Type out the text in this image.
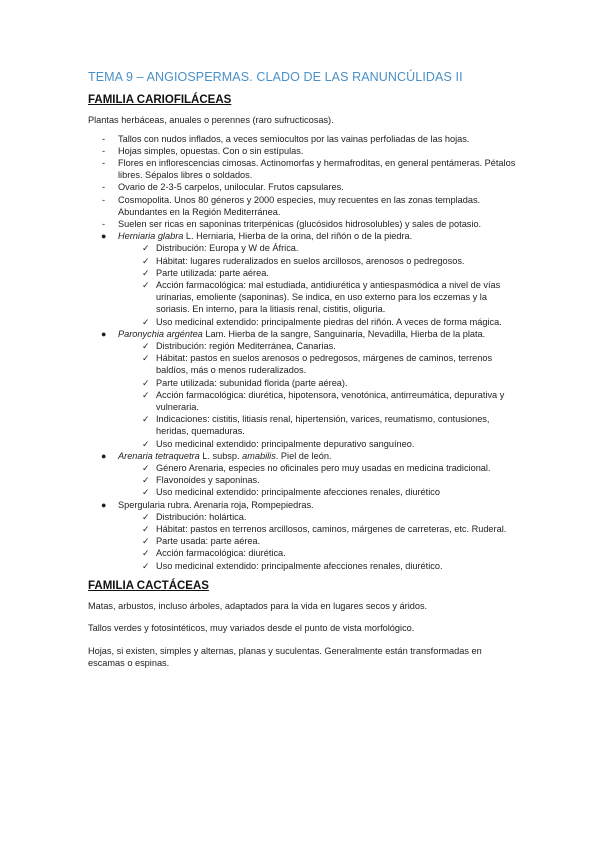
TEMA 9 – ANGIOSPERMAS. CLADO DE LAS RANUNCÚLIDAS II
FAMILIA CARIOFILÁCEAS

Plantas herbáceas, anuales o perennes (raro sufructicosas).

- Tallos con nudos inflados, a veces semiocultos por las vainas perfoliadas de las hojas.
- Hojas simples, opuestas. Con o sin estípulas.
- Flores en inflorescencias cimosas. Actinomorfas y hermafroditas, en general pentámeras. Pétalos libres. Sépalos libres o soldados.
- Ovario de 2-3-5 carpelos, unilocular. Frutos capsulares.
- Cosmopolita. Unos 80 géneros y 2000 especies, muy recuentes en las zonas templadas. Abundantes en la Región Mediterránea.
- Suelen ser ricas en saponinas triterpénicas (glucósidos hidrosolubles) y sales de potasio.
● Herniaria glabra L. Herniaria, Hierba de la orina, del riñón o de la piedra.
✓ Distribución: Europa y W de África.
✓ Hábitat: lugares ruderalizados en suelos arcillosos, arenosos o pedregosos.
✓ Parte utilizada: parte aérea.
✓ Acción farmacológica: mal estudiada, antidiurética y antiespasmódica a nivel de vías urinarias, emoliente (saponinas). Se indica, en uso externo para los eczemas y la soriasis. En interno, para la litiasis renal, cistitis, oliguria.
✓ Uso medicinal extendido: principalmente piedras del riñón. A veces de forma mágica.
● Paronychia argéntea Lam. Hierba de la sangre, Sanguinaria, Nevadilla, Hierba de la plata.
✓ Distribución: región Mediterránea, Canarias.
✓ Hábitat: pastos en suelos arenosos o pedregosos, márgenes de caminos, terrenos baldíos, más o menos ruderalizados.
✓ Parte utilizada: subunidad florida (parte aérea).
✓ Acción farmacológica: diurética, hipotensora, venotónica, antirreumática, depurativa y vulneraria.
✓ Indicaciones: cistitis, litiasis renal, hipertensión, varices, reumatismo, contusiones, heridas, quemaduras.
✓ Uso medicinal extendido: principalmente depurativo sanguíneo.
● Arenaria tetraquetra L. subsp. amabilis. Piel de león.
✓ Género Arenaria, especies no oficinales pero muy usadas en medicina tradicional.
✓ Flavonoides y saponinas.
✓ Uso medicinal extendido: principalmente afecciones renales, diurético
● Spergularia rubra. Arenaria roja, Rompepiedras.
✓ Distribución: holártica.
✓ Hábitat: pastos en terrenos arcillosos, caminos, márgenes de carreteras, etc. Ruderal.
✓ Parte usada: parte aérea.
✓ Acción farmacológica: diurética.
✓ Uso medicinal extendido: principalmente afecciones renales, diurético.
FAMILIA CACTÁCEAS

Matas, arbustos, incluso árboles, adaptados para la vida en lugares secos y áridos.

Tallos verdes y fotosintéticos, muy variados desde el punto de vista morfológico.

Hojas, si existen, simples y alternas, planas y suculentas. Generalmente están transformadas en escamas o espinas.
